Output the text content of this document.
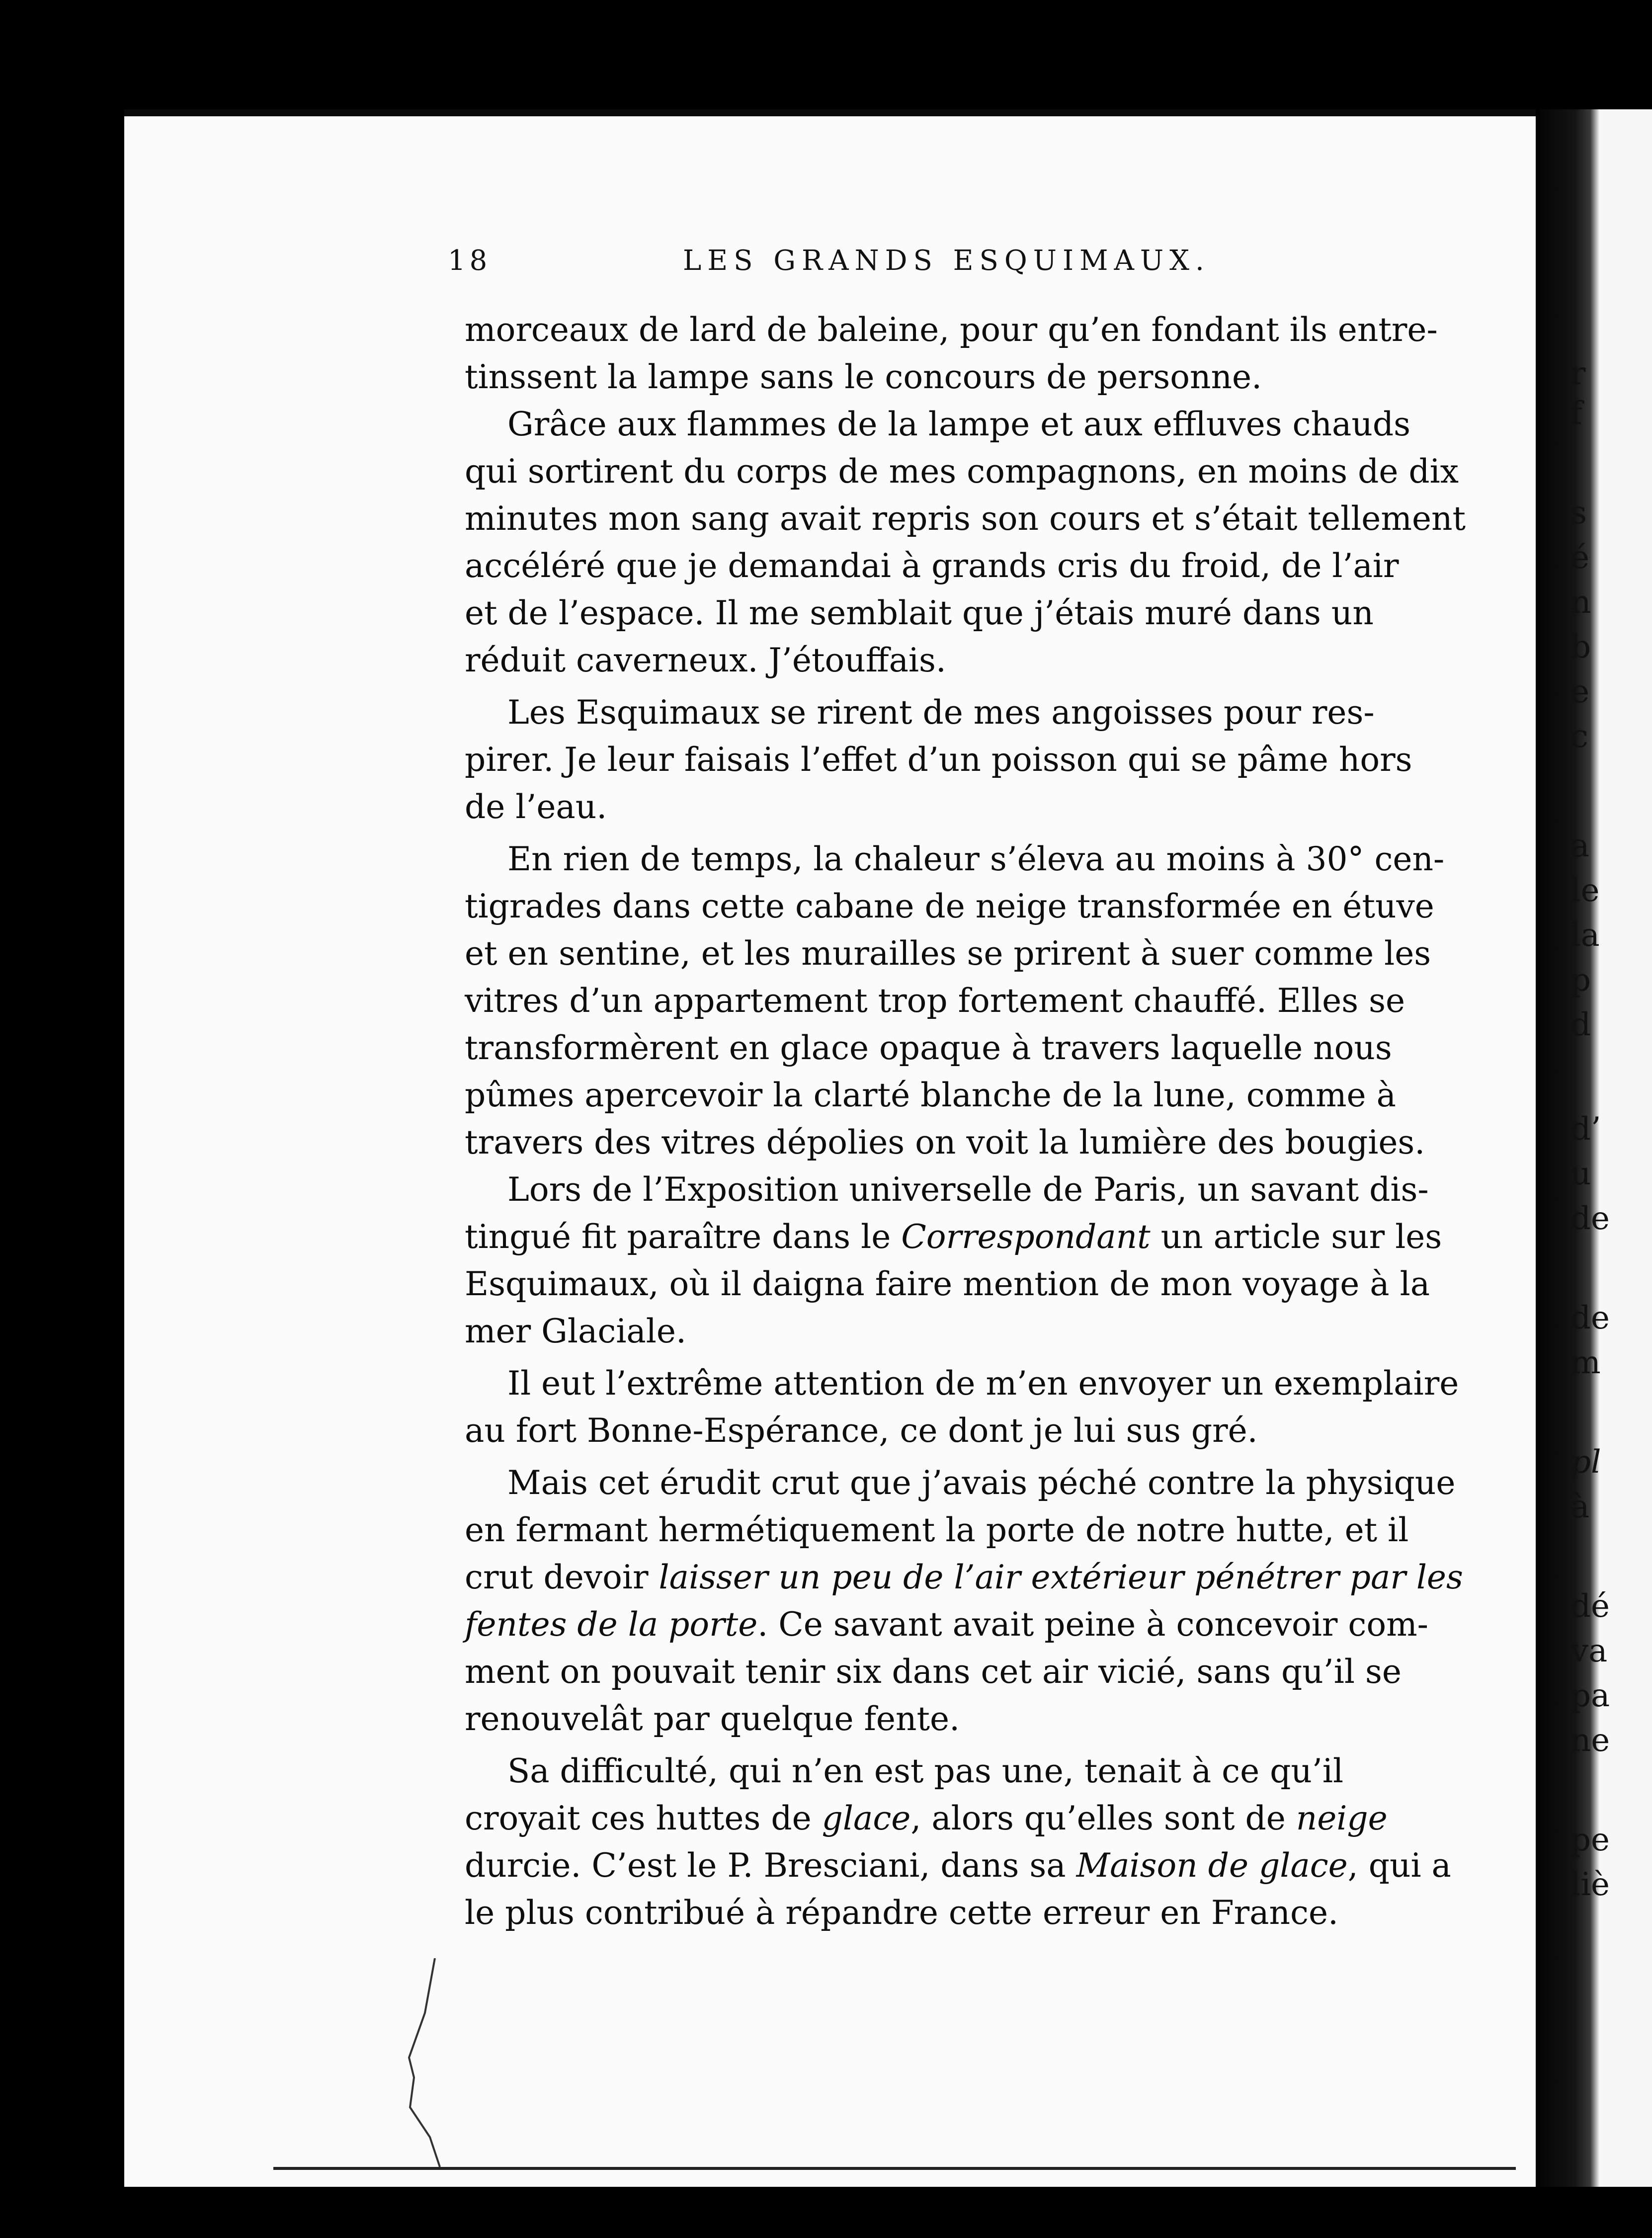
18	LES GRANDS ESQUIMAUX.

morceaux de lard de baleine, pour qu’en fondant ils entre-
tinssent la lampe sans le concours de personne.

Grâce aux flammes de la lampe et aux effluves chauds
qui sortirent du corps de mes compagnons, en moins de dix
minutes mon sang avait repris son cours et s’était tellement
accéléré que je demandai à grands cris du froid, de l’air
et de l’espace. Il me semblait que j’étais muré dans un
réduit caverneux. J’étouffais.

Les Esquimaux se rirent de mes angoisses pour res-
pirer. Je leur faisais l’effet d’un poisson qui se pâme hors
de l’eau.

En rien de temps, la chaleur s’éleva au moins à 30° cen-
tigrades dans cette cabane de neige transformée en étuve
et en sentine, et les murailles se prirent à suer comme les
vitres d’un appartement trop fortement chauffé. Elles se
transformèrent en glace opaque à travers laquelle nous
pûmes apercevoir la clarté blanche de la lune, comme à
travers des vitres dépolies on voit la lumière des bougies.

Lors de l’Exposition universelle de Paris, un savant dis-
tingué fit paraître dans le Correspondant un article sur les
Esquimaux, où il daigna faire mention de mon voyage à la
mer Glaciale.

Il eut l’extrême attention de m’en envoyer un exemplaire
au fort Bonne-Espérance, ce dont je lui sus gré.

Mais cet érudit crut que j’avais péché contre la physique
en fermant hermétiquement la porte de notre hutte, et il
crut devoir laisser un peu de l’air extérieur pénétrer par les
fentes de la porte. Ce savant avait peine à concevoir com-
ment on pouvait tenir six dans cet air vicié, sans qu’il se
renouvelât par quelque fente.

Sa difficulté, qui n’en est pas une, tenait à ce qu’il
croyait ces huttes de glace, alors qu’elles sont de neige
durcie. C’est le P. Bresciani, dans sa Maison de glace, qui a
le plus contribué à répandre cette erreur en France.

r
f
s
é
n
b
e
c
a
le
la
p
d
d’
u
de
de
m
pl
à
dé
va
pa
ne
pe
liè
